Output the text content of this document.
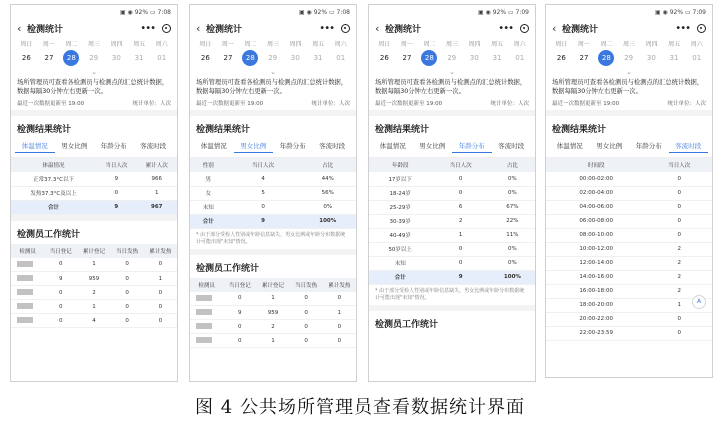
▣ ◉ 92% ▭ 7:08
‹ 检测统计	•••
周日	周一	周二	周三	周四	周五	周六
26	27	28	29	30	31	01
⌄
场所管理员可查看各检测员与检测点的汇总统计数据，数据每隔30分钟左右更新一次。
最近一次数据更新至 19:00	统计单位：人次
检测结果统计
体温情况	男女比例	年龄分布	客流时段
体温情况	当日人次	累计人次
正常37.3°C以下	9	966
发热37.3°C及以上	0	1
合计	9	967
检测员工作统计
检测员	当日登记	累计登记	当日发热	累计发热
	0	1	0	0
	9	959	0	1
	0	2	0	0
	0	1	0	0
	0	4	0	0
▣ ◉ 92% ▭ 7:08
‹ 检测统计	•••
周日	周一	周二	周三	周四	周五	周六
26	27	28	29	30	31	01
⌄
场所管理员可查看各检测员与检测点的汇总统计数据，数据每隔30分钟左右更新一次。
最近一次数据更新至 19:00	统计单位：人次
检测结果统计
体温情况	男女比例	年龄分布	客流时段
性别	当日人次	占比
男	4	44%
女	5	56%
未知	0	0%
合计	9	100%
* 由于部分受检人性别或年龄信息缺失，男女比例或年龄分布数据统计可能出现"未知"情况。
检测员工作统计
检测员	当日登记	累计登记	当日发热	累计发热
	0	1	0	0
	9	959	0	1
	0	2	0	0
	0	1	0	0
▣ ◉ 92% ▭ 7:09
‹ 检测统计	•••
周日	周一	周二	周三	周四	周五	周六
26	27	28	29	30	31	01
⌄
场所管理员可查看各检测员与检测点的汇总统计数据，数据每隔30分钟左右更新一次。
最近一次数据更新至 19:00	统计单位：人次
检测结果统计
体温情况	男女比例	年龄分布	客流时段
年龄段	当日人次	占比
17岁以下	0	0%
18-24岁	0	0%
25-29岁	6	67%
30-39岁	2	22%
40-49岁	1	11%
50岁以上	0	0%
未知	0	0%
合计	9	100%
* 由于部分受检人性别或年龄信息缺失，男女比例或年龄分布数据统计可能出现"未知"情况。
检测员工作统计
▣ ◉ 92% ▭ 7:09
‹ 检测统计	•••
周日	周一	周二	周三	周四	周五	周六
26	27	28	29	30	31	01
⌄
场所管理员可查看各检测员与检测点的汇总统计数据，数据每隔30分钟左右更新一次。
最近一次数据更新至 19:00	统计单位：人次
检测结果统计
体温情况	男女比例	年龄分布	客流时段
时间段	当日人次
00:00-02:00	0
02:00-04:00	0
04:00-06:00	0
06:00-08:00	0
08:00-10:00	0
10:00-12:00	2
12:00-14:00	2
14:00-16:00	2
16:00-18:00	2
18:00-20:00	1
20:00-22:00	0
22:00-23:59	0
A
图 4 公共场所管理员查看数据统计界面
